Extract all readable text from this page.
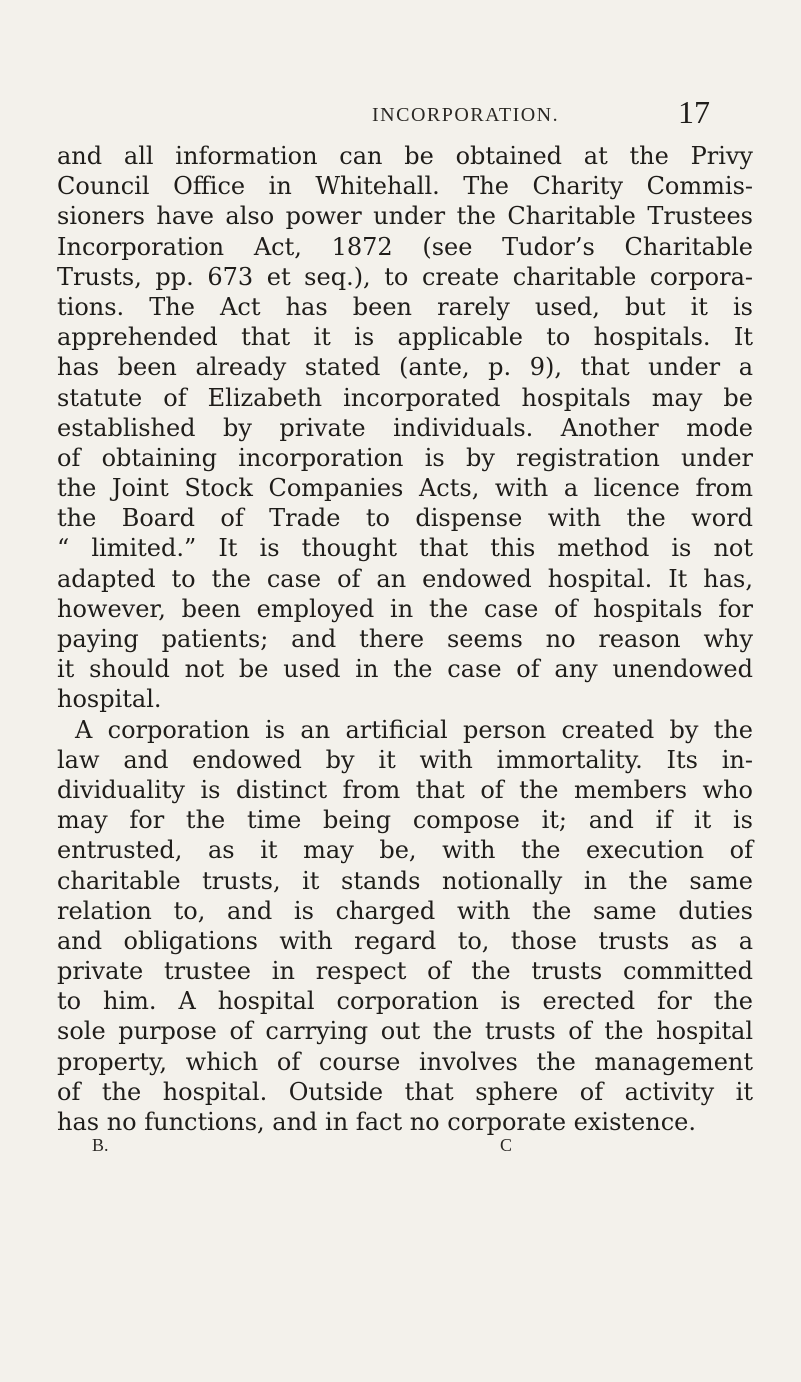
INCORPORATION.	17
and all information can be obtained at the Privy
Council Office in Whitehall. The Charity Commis-
sioners have also power under the Charitable Trustees
Incorporation Act, 1872 (see Tudor’s Charitable
Trusts, pp. 673 et seq.), to create charitable corpora-
tions. The Act has been rarely used, but it is
apprehended that it is applicable to hospitals. It
has been already stated (ante, p. 9), that under a
statute of Elizabeth incorporated hospitals may be
established by private individuals. Another mode
of obtaining incorporation is by registration under
the Joint Stock Companies Acts, with a licence from
the Board of Trade to dispense with the word
“ limited.” It is thought that this method is not
adapted to the case of an endowed hospital. It has,
however, been employed in the case of hospitals for
paying patients; and there seems no reason why
it should not be used in the case of any unendowed
hospital.
A corporation is an artificial person created by the
law and endowed by it with immortality. Its in-
dividuality is distinct from that of the members who
may for the time being compose it; and if it is
entrusted, as it may be, with the execution of
charitable trusts, it stands notionally in the same
relation to, and is charged with the same duties
and obligations with regard to, those trusts as a
private trustee in respect of the trusts committed
to him. A hospital corporation is erected for the
sole purpose of carrying out the trusts of the hospital
property, which of course involves the management
of the hospital. Outside that sphere of activity it
has no functions, and in fact no corporate existence.
B.	C
